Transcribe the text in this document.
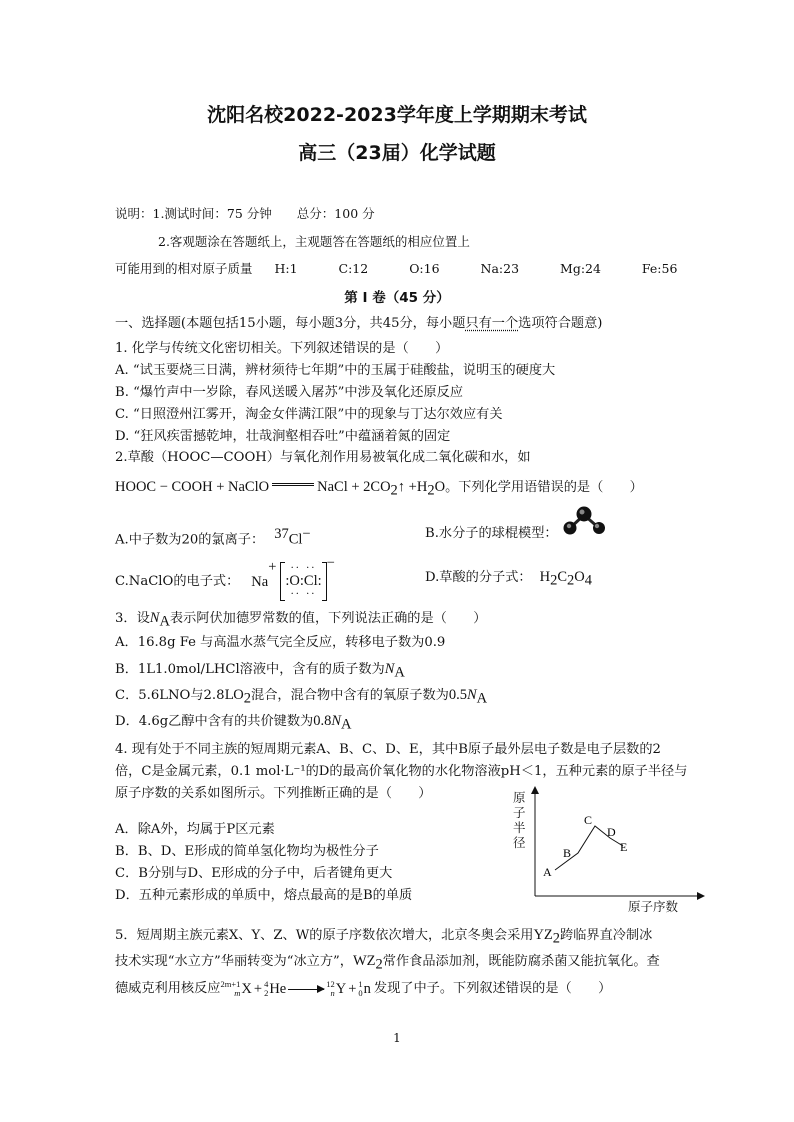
沈阳名校2022-2023学年度上学期期末考试
高三（23届）化学试题
说明：1.测试时间：75 分钟　　总分：100 分
2.客观题涂在答题纸上，主观题答在答题纸的相应位置上
可能用到的相对原子质量 H:1	C:12	O:16	Na:23	Mg:24	Fe:56
第 I 卷（45 分）
一、选择题(本题包括15小题，每小题3分，共45分，每小题只有一个选项符合题意)
1. 化学与传统文化密切相关。下列叙述错误的是（　　）
A. “试玉要烧三日满，辨材须待七年期”中的玉属于硅酸盐，说明玉的硬度大
B. “爆竹声中一岁除，春风送暖入屠苏”中涉及氧化还原反应
C. “日照澄州江雾开，淘金女伴满江限”中的现象与丁达尔效应有关
D. “狂风疾雷撼乾坤，壮哉涧壑相吞吐”中蕴涵着氮的固定
2.草酸（HOOC—COOH）与氧化剂作用易被氧化成二氧化碳和水，如
HOOC − COOH + NaClO	NaCl + $2CO_2↑ +H_2O$。下列化学用语错误的是（　　）
A.中子数为20的氯离子： $^{37}$Cl−	B.水分子的球棍模型：
C.NaClO的电子式： Na
+	·· ··
:O:Cl:
·· ··
−
D.草酸的分子式： $H_2C_2O_4$
3．设$N_A$表示阿伏加德罗常数的值，下列说法正确的是（　　）
A．16.8g Fe 与高温水蒸气完全反应，转移电子数为0.9
B．1L1.0mol/LHCl溶液中，含有的质子数为$N_A$
C．5.6LNO与$2.8LO_2$混合，混合物中含有的氧原子数为$0.5N_A$
D．4.6g乙醇中含有的共价键数为$0.8N_A$
4. 现有处于不同主族的短周期元素A、B、C、D、E，其中B原子最外层电子数是电子层数的2
倍，C是金属元素，0.1 mol·L⁻¹的D的最高价氧化物的水化物溶液pH＜1，五种元素的原子半径与
原子序数的关系如图所示。下列推断正确的是（　　）
A．除A外，均属于P区元素
B．B、D、E形成的简单氢化物均为极性分子
C．B分别与D、E形成的分子中，后者键角更大
D．五种元素形成的单质中，熔点最高的是B的单质
A
B
C
D
E
原
子
半
径
原子序数
5．短周期主族元素X、Y、Z、W的原子序数依次增大，北京冬奥会采用$YZ_2$跨临界直冷制冰
技术实现“水立方”华丽转变为“冰立方”，$WZ_2$常作食品添加剂，既能防腐杀菌又能抗氧化。查
德威克利用核反应 2m+1
m X + 4
2 He → 12
n Y + 1
0 n 发现了中子。下列叙述错误的是（　　）
1
